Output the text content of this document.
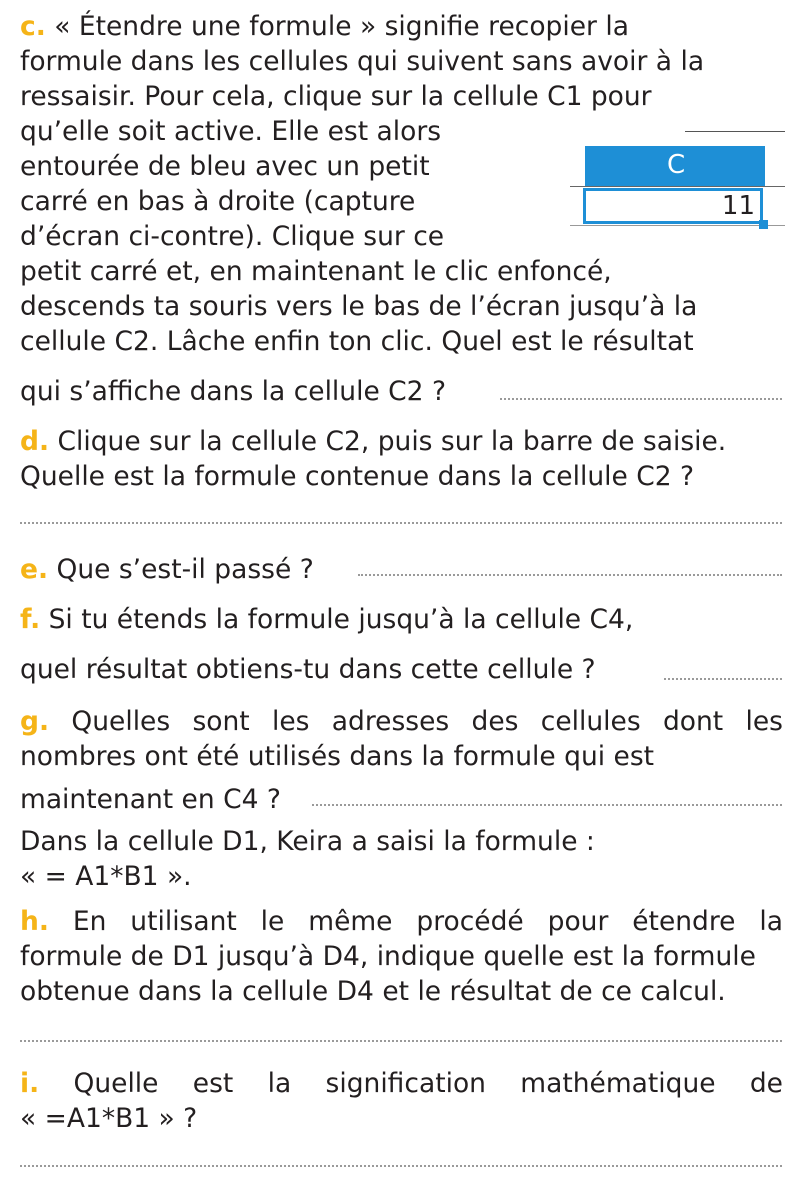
c. « Étendre une formule » signifie recopier la
formule dans les cellules qui suivent sans avoir à la
ressaisir. Pour cela, clique sur la cellule C1 pour
qu’elle soit active. Elle est alors
entourée de bleu avec un petit
carré en bas à droite (capture
d’écran ci-contre). Clique sur ce
petit carré et, en maintenant le clic enfoncé,
descends ta souris vers le bas de l’écran jusqu’à la
cellule C2. Lâche enfin ton clic. Quel est le résultat
qui s’affiche dans la cellule C2 ?
C
11
d. Clique sur la cellule C2, puis sur la barre de saisie.
Quelle est la formule contenue dans la cellule C2 ?
e. Que s’est-il passé ?
f. Si tu étends la formule jusqu’à la cellule C4,
quel résultat obtiens-tu dans cette cellule ?
g. Quelles sont les adresses des cellules dont les
nombres ont été utilisés dans la formule qui est
maintenant en C4 ?
Dans la cellule D1, Keira a saisi la formule :
« = A1*B1 ».
h. En utilisant le même procédé pour étendre la
formule de D1 jusqu’à D4, indique quelle est la formule
obtenue dans la cellule D4 et le résultat de ce calcul.
i. Quelle est la signification mathématique de
« =A1*B1 » ?
